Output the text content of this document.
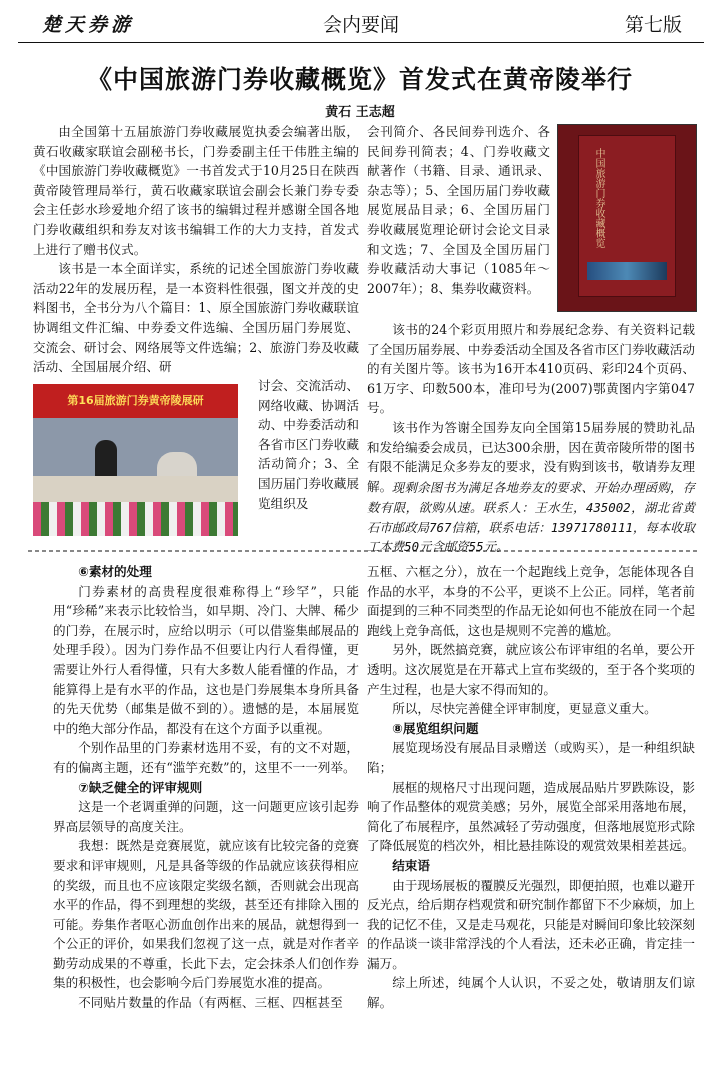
楚天券游	会内要闻	第七版
《中国旅游门券收藏概览》首发式在黄帝陵举行
黄石 王志超

由全国第十五届旅游门券收藏展览执委会编著出版，黄石收藏家联谊会副秘书长，门券委副主任干伟胜主编的《中国旅游门券收藏概览》一书首发式于10月25日在陕西黄帝陵管理局举行，黄石收藏家联谊会副会长兼门券专委会主任彭水珍爱地介绍了该书的编辑过程并感谢全国各地门券收藏组织和券友对该书编辑工作的大力支持，首发式上进行了赠书仪式。

该书是一本全面详实，系统的记述全国旅游门券收藏活动22年的发展历程，是一本资料性很强，图文并茂的史料图书，全书分为八个篇目：1、原全国旅游门券收藏联谊协调组文件汇编、中券委文件选编、全国历届门券展览、交流会、研讨会、网络展等文件选编；2、旅游门券及收藏活动、全国届展介绍、研

第16届旅游门券黄帝陵展研

讨会、交流活动、网络收藏、协调活动、中券委活动和各省市区门券收藏活动简介；3、全国历届门券收藏展览组织及

会刊简介、各民间券刊选介、各民间券刊简表；4、门券收藏文献著作（书籍、目录、通讯录、杂志等）；5、全国历届门券收藏展览展品目录；6、全国历届门券收藏展览理论研讨会论文目录和文选；7、全国及全国历届门券收藏活动大事记（1085年～2007年）；8、集券收藏资料。

中国旅游门券收藏概览

该书的24个彩页用照片和券展纪念券、有关资料记载了全国历届券展、中券委活动全国及各省市区门券收藏活动的有关图片等。该书为16开本410页码、彩印24个页码、61万字、印数500本，准印号为(2007)鄂黄图内字第047号。

该书作为答谢全国券友向全国第15届券展的赞助礼品和发给编委会成员，已达300余册，因在黄帝陵所带的图书有限不能满足众多券友的要求，没有购到该书，敬请券友理解。 现剩余图书为满足各地券友的要求、开始办理函购，存数有限，欲购从速。联系人：王水生，435002，湖北省黄石市邮政局767信箱，联系电话：13971780111，每本收取工本费50元含邮资55元。

⑥素材的处理

门券素材的高贵程度很难称得上“珍罕”，只能用“珍稀”来表示比较恰当，如早期、冷门、大牌、稀少的门券，在展示时，应给以明示（可以借鉴集邮展品的处理手段）。因为门券作品不但要让内行人看得懂，更需要让外行人看得懂，只有大多数人能看懂的作品，才能算得上是有水平的作品，这也是门券展集本身所具备的先天优势（邮集是做不到的）。遗憾的是，本届展览中的绝大部分作品，都没有在这个方面予以重视。

个别作品里的门券素材选用不妥，有的文不对题，有的偏离主题，还有“滥竽充数”的，这里不一一列举。

⑦缺乏健全的评审规则

这是一个老调重弹的问题，这一问题更应该引起券界高层领导的高度关注。

我想：既然是竞赛展览，就应该有比较完备的竞赛要求和评审规则，凡是具备等级的作品就应该获得相应的奖级，而且也不应该限定奖级名额，否则就会出现高水平的作品，得不到理想的奖级，甚至还有排除入围的可能。券集作者呕心沥血创作出来的展品，就想得到一个公正的评价，如果我们忽视了这一点，就是对作者辛勤劳动成果的不尊重，长此下去，定会抹杀人们创作券集的积极性，也会影响今后门券展览水准的提高。

不同贴片数量的作品（有两框、三框、四框甚至

五框、六框之分），放在一个起跑线上竞争，怎能体现各自作品的水平，本身的不公平，更谈不上公正。同样，笔者前面提到的三种不同类型的作品无论如何也不能放在同一个起跑线上竞争高低，这也是规则不完善的尴尬。

另外，既然搞竞赛，就应该公布评审组的名单，要公开透明。这次展览是在开幕式上宣布奖级的，至于各个奖项的产生过程，也是大家不得而知的。

所以，尽快完善健全评审制度，更显意义重大。

⑧展览组织问题

展览现场没有展品目录赠送（或购买），是一种组织缺陷；

展框的规格尺寸出现问题，造成展品贴片罗跌陈设，影响了作品整体的观赏美感；另外，展览全部采用落地布展，简化了布展程序，虽然减轻了劳动强度，但落地展览形式除了降低展览的档次外，相比悬挂陈设的观赏效果相差甚远。

结束语

由于现场展板的覆膜反光强烈，即便拍照，也难以避开反光点，给后期存档观赏和研究制作都留下不少麻烦，加上我的记忆不佳，又是走马观花，只能是对瞬间印象比较深刻的作品谈一谈非常浮浅的个人看法，还未必正确，肯定挂一漏万。

综上所述，纯属个人认识，不妥之处，敬请朋友们谅解。
